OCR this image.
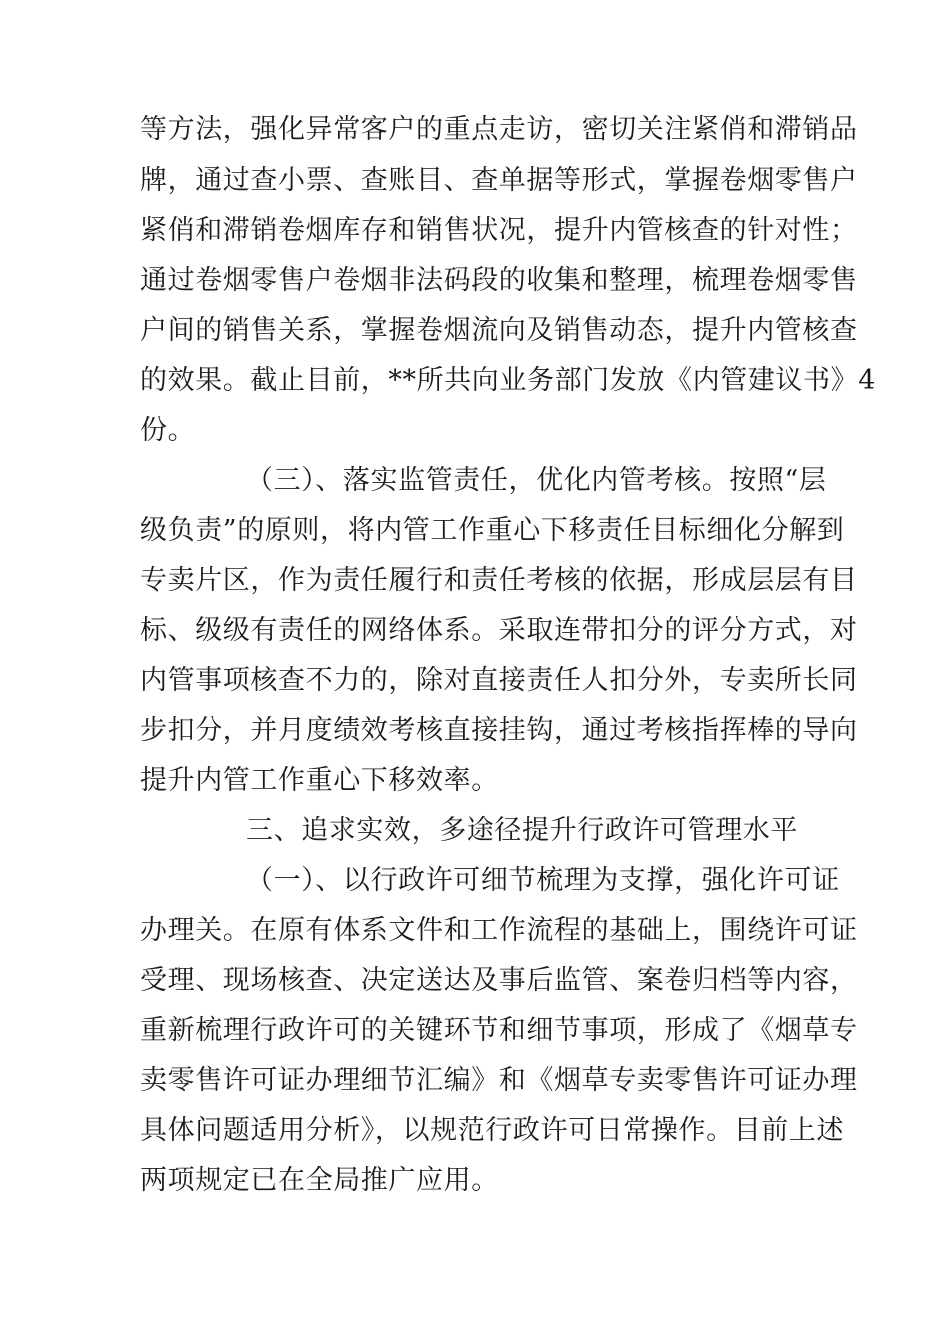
等方法，强化异常客户的重点走访，密切关注紧俏和滞销品
牌，通过查小票、查账目、查单据等形式，掌握卷烟零售户
紧俏和滞销卷烟库存和销售状况，提升内管核查的针对性；
通过卷烟零售户卷烟非法码段的收集和整理，梳理卷烟零售
户间的销售关系，掌握卷烟流向及销售动态，提升内管核查
的效果。截止目前，**所共向业务部门发放《内管建议书》4
份。
（三）、落实监管责任，优化内管考核。按照“层
级负责”的原则，将内管工作重心下移责任目标细化分解到
专卖片区，作为责任履行和责任考核的依据，形成层层有目
标、级级有责任的网络体系。采取连带扣分的评分方式，对
内管事项核查不力的，除对直接责任人扣分外，专卖所长同
步扣分，并月度绩效考核直接挂钩，通过考核指挥棒的导向
提升内管工作重心下移效率。
三、追求实效，多途径提升行政许可管理水平
（一）、以行政许可细节梳理为支撑，强化许可证
办理关。在原有体系文件和工作流程的基础上，围绕许可证
受理、现场核查、决定送达及事后监管、案卷归档等内容，
重新梳理行政许可的关键环节和细节事项，形成了《烟草专
卖零售许可证办理细节汇编》和《烟草专卖零售许可证办理
具体问题适用分析》，以规范行政许可日常操作。目前上述
两项规定已在全局推广应用。
